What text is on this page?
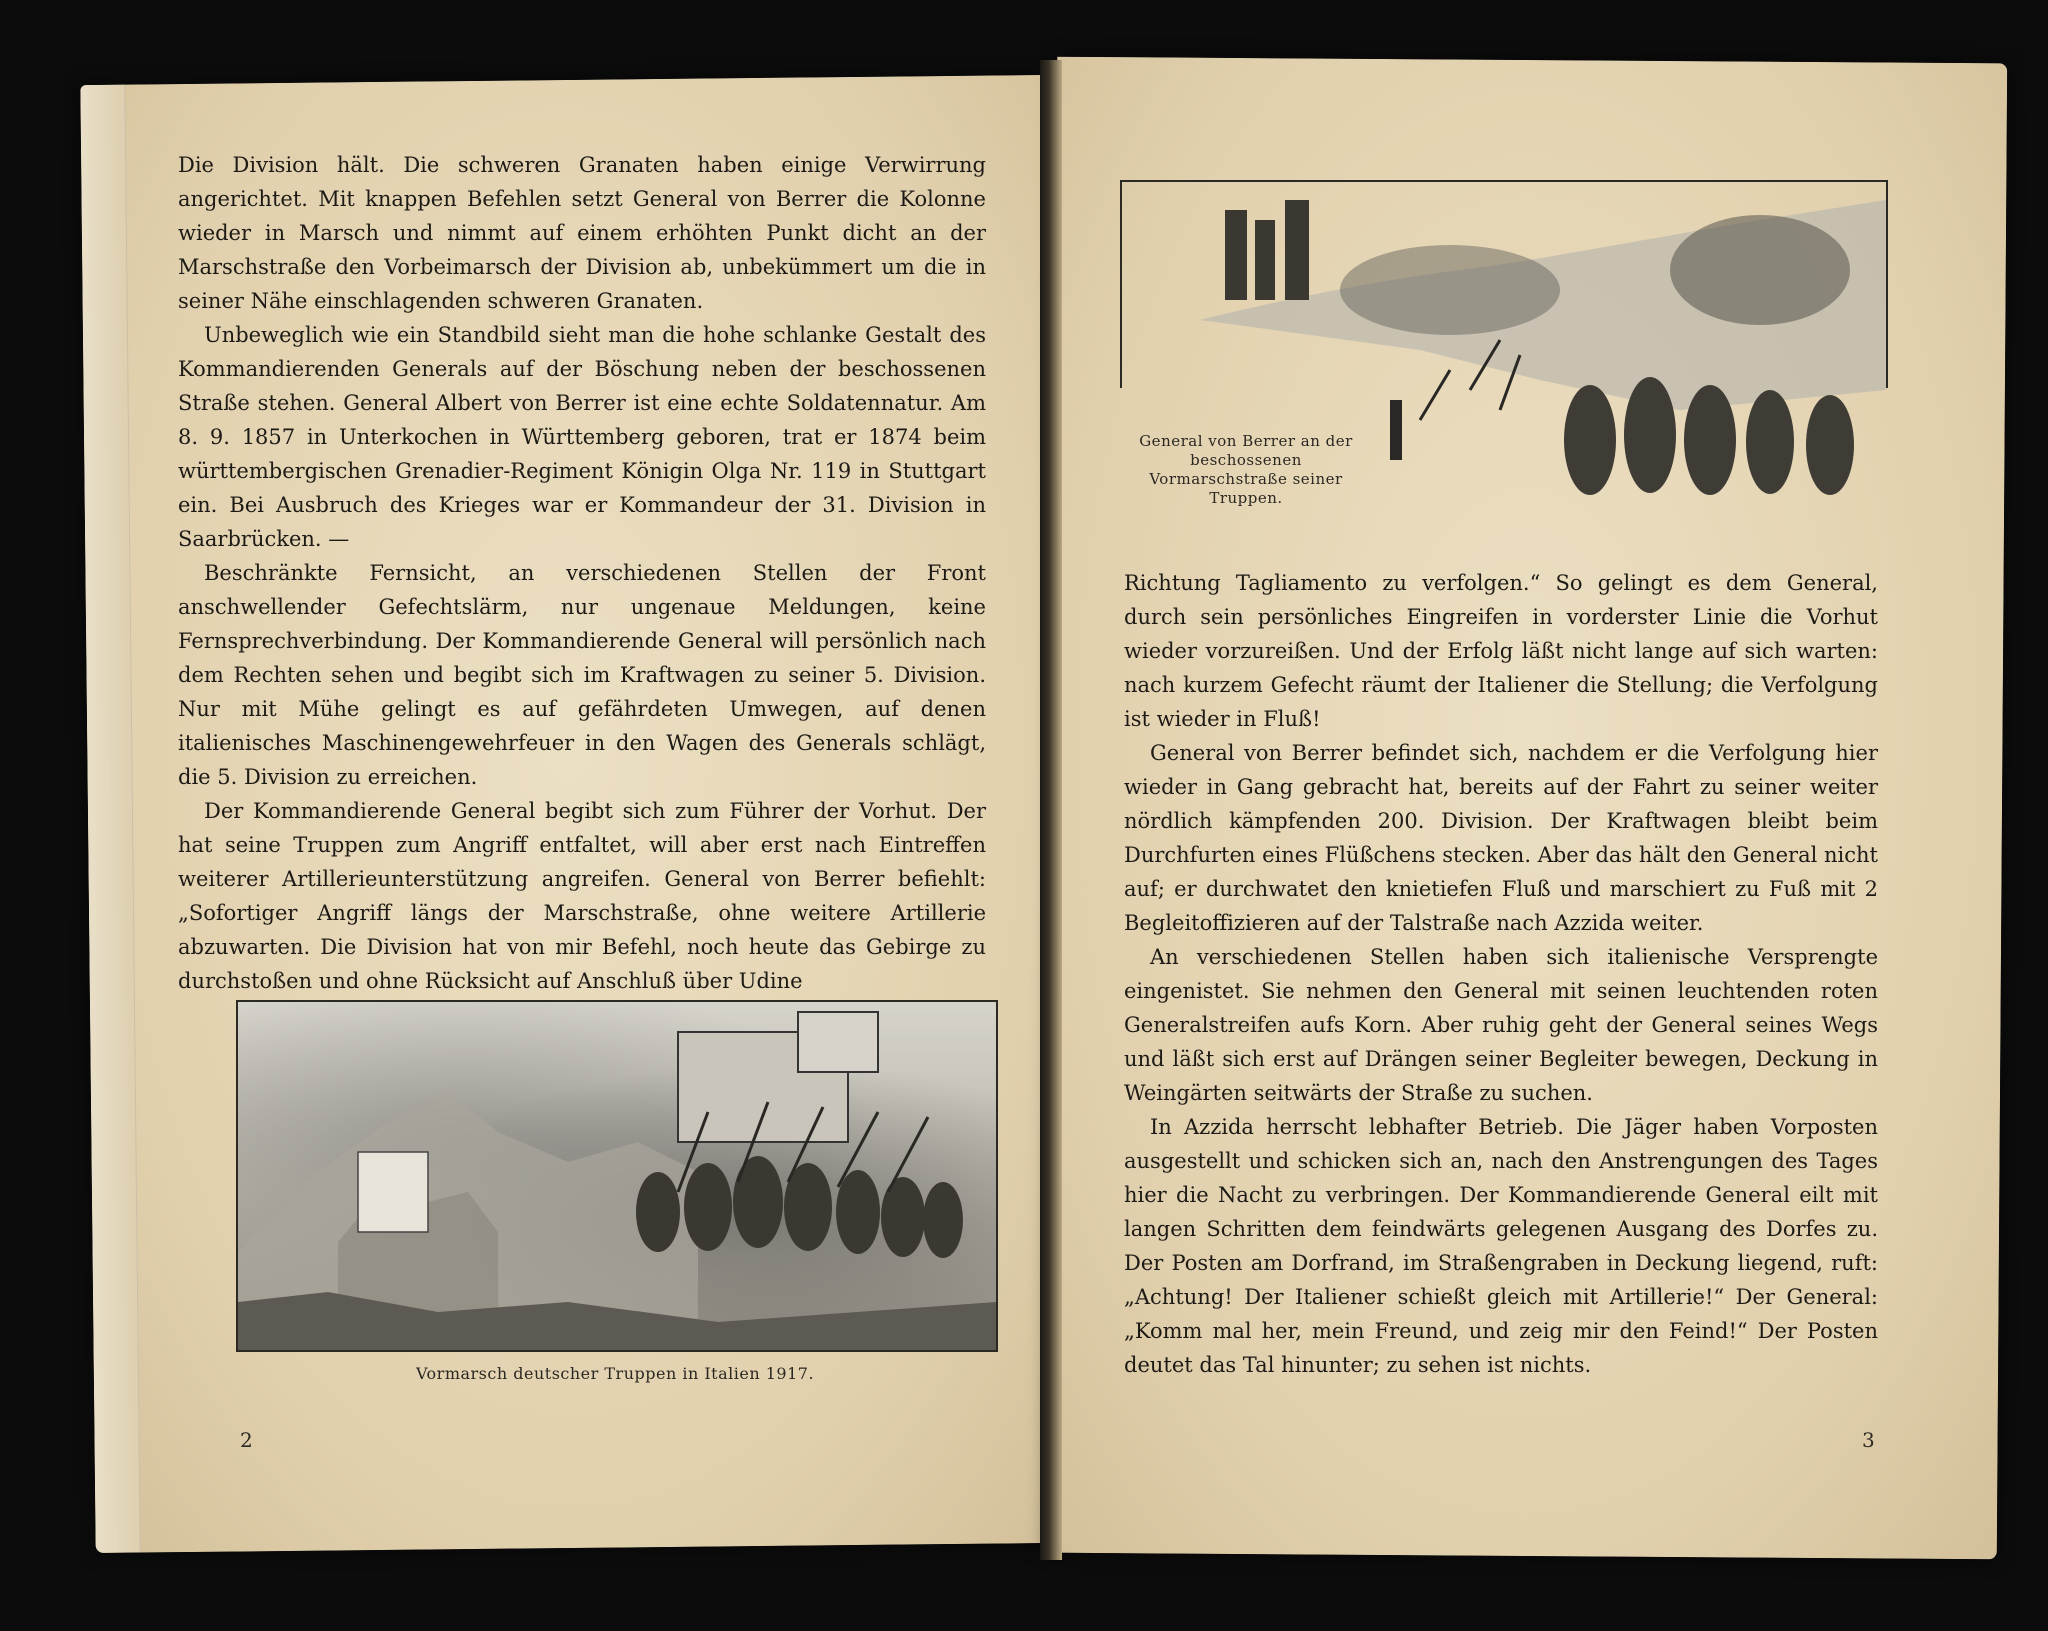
Die Division hält. Die schweren Granaten haben einige Verwirrung angerichtet. Mit knappen Befehlen setzt General von Berrer die Kolonne wieder in Marsch und nimmt auf einem erhöhten Punkt dicht an der Marschstraße den Vorbeimarsch der Division ab, unbekümmert um die in seiner Nähe einschlagenden schweren Granaten.

Unbeweglich wie ein Standbild sieht man die hohe schlanke Gestalt des Kommandierenden Generals auf der Böschung neben der beschossenen Straße stehen. General Albert von Berrer ist eine echte Soldatennatur. Am 8. 9. 1857 in Unterkochen in Württemberg geboren, trat er 1874 beim württembergischen Grenadier-Regiment Königin Olga Nr. 119 in Stuttgart ein. Bei Ausbruch des Krieges war er Kommandeur der 31. Division in Saarbrücken. —

Beschränkte Fernsicht, an verschiedenen Stellen der Front anschwellender Gefechtslärm, nur ungenaue Meldungen, keine Fernsprechverbindung. Der Kommandierende General will persönlich nach dem Rechten sehen und begibt sich im Kraftwagen zu seiner 5. Division. Nur mit Mühe gelingt es auf gefährdeten Umwegen, auf denen italienisches Maschinengewehrfeuer in den Wagen des Generals schlägt, die 5. Division zu erreichen.

Der Kommandierende General begibt sich zum Führer der Vorhut. Der hat seine Truppen zum Angriff entfaltet, will aber erst nach Eintreffen weiterer Artillerieunterstützung angreifen. General von Berrer befiehlt: „Sofortiger Angriff längs der Marschstraße, ohne weitere Artillerie abzuwarten. Die Division hat von mir Befehl, noch heute das Gebirge zu durchstoßen und ohne Rücksicht auf Anschluß über Udine

Vormarsch deutscher Truppen in Italien 1917.
2
General von Berrer an der beschossenen Vormarschstraße seiner Truppen.

Richtung Tagliamento zu verfolgen.“ So gelingt es dem General, durch sein persönliches Eingreifen in vorderster Linie die Vorhut wieder vorzureißen. Und der Erfolg läßt nicht lange auf sich warten: nach kurzem Gefecht räumt der Italiener die Stellung; die Verfolgung ist wieder in Fluß!

General von Berrer befindet sich, nachdem er die Verfolgung hier wieder in Gang gebracht hat, bereits auf der Fahrt zu seiner weiter nördlich kämpfenden 200. Division. Der Kraftwagen bleibt beim Durchfurten eines Flüßchens stecken. Aber das hält den General nicht auf; er durchwatet den knietiefen Fluß und marschiert zu Fuß mit 2 Begleitoffizieren auf der Talstraße nach Azzida weiter.

An verschiedenen Stellen haben sich italienische Versprengte eingenistet. Sie nehmen den General mit seinen leuchtenden roten Generalstreifen aufs Korn. Aber ruhig geht der General seines Wegs und läßt sich erst auf Drängen seiner Begleiter bewegen, Deckung in Weingärten seitwärts der Straße zu suchen.

In Azzida herrscht lebhafter Betrieb. Die Jäger haben Vorposten ausgestellt und schicken sich an, nach den Anstrengungen des Tages hier die Nacht zu verbringen. Der Kommandierende General eilt mit langen Schritten dem feindwärts gelegenen Ausgang des Dorfes zu. Der Posten am Dorfrand, im Straßengraben in Deckung liegend, ruft: „Achtung! Der Italiener schießt gleich mit Artillerie!“ Der General: „Komm mal her, mein Freund, und zeig mir den Feind!“ Der Posten deutet das Tal hinunter; zu sehen ist nichts.

3
